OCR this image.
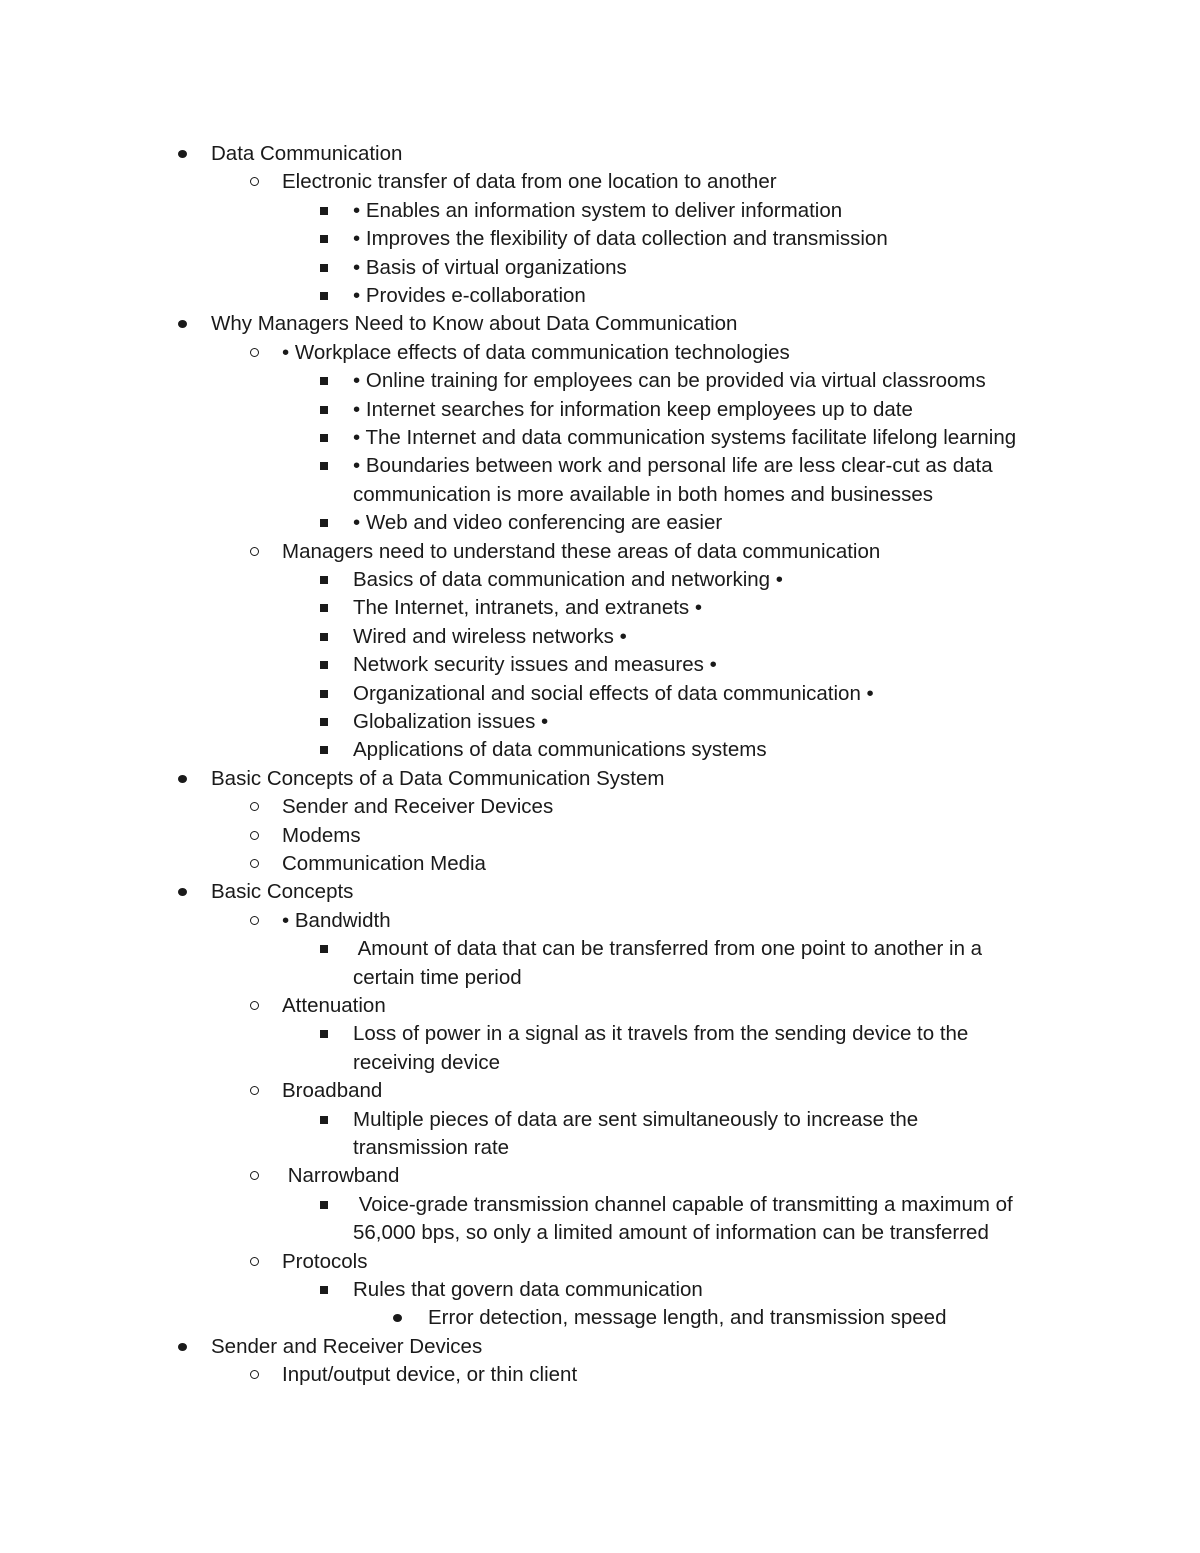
Data Communication
Electronic transfer of data from one location to another
• Enables an information system to deliver information
• Improves the flexibility of data collection and transmission
• Basis of virtual organizations
• Provides e-collaboration
Why Managers Need to Know about Data Communication
• Workplace effects of data communication technologies
• Online training for employees can be provided via virtual classrooms
• Internet searches for information keep employees up to date
• The Internet and data communication systems facilitate lifelong learning
• Boundaries between work and personal life are less clear-cut as data
communication is more available in both homes and businesses
• Web and video conferencing are easier
Managers need to understand these areas of data communication
Basics of data communication and networking •
The Internet, intranets, and extranets •
Wired and wireless networks •
Network security issues and measures •
Organizational and social effects of data communication •
Globalization issues •
Applications of data communications systems
Basic Concepts of a Data Communication System
Sender and Receiver Devices
Modems
Communication Media
Basic Concepts
• Bandwidth
Amount of data that can be transferred from one point to another in a
certain time period
Attenuation
Loss of power in a signal as it travels from the sending device to the
receiving device
Broadband
Multiple pieces of data are sent simultaneously to increase the
transmission rate
Narrowband
Voice-grade transmission channel capable of transmitting a maximum of
56,000 bps, so only a limited amount of information can be transferred
Protocols
Rules that govern data communication
Error detection, message length, and transmission speed
Sender and Receiver Devices
Input/output device, or thin client
